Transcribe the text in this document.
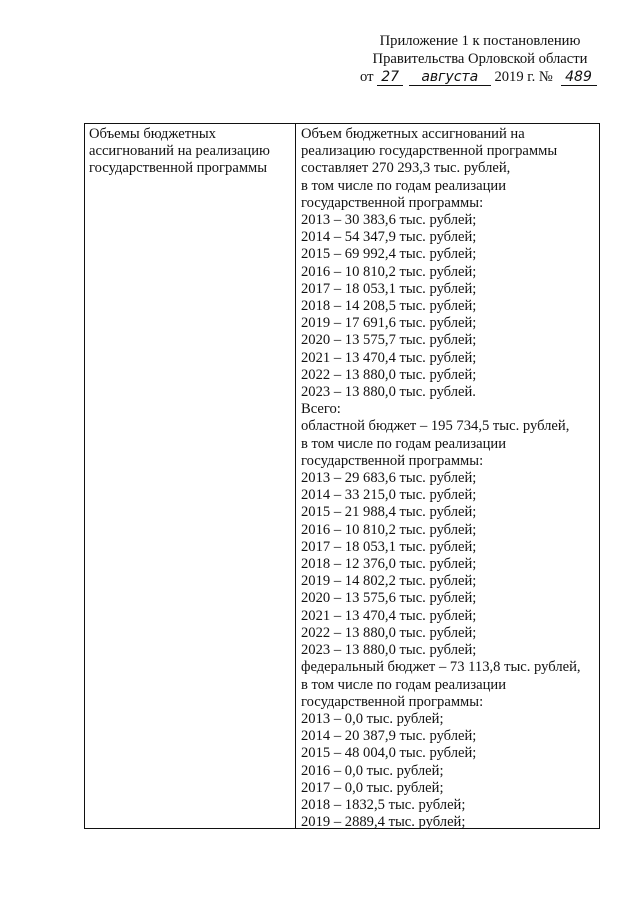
Приложение 1 к постановлению
Правительства Орловской области
от 27 августа 2019 г. № 489
Объемы бюджетных
ассигнований на реализацию
государственной программы
Объем бюджетных ассигнований на
реализацию государственной программы
составляет 270 293,3 тыс. рублей,
в том числе по годам реализации
государственной программы:
2013 – 30 383,6 тыс. рублей;
2014 – 54 347,9 тыс. рублей;
2015 – 69 992,4 тыс. рублей;
2016 – 10 810,2 тыс. рублей;
2017 – 18 053,1 тыс. рублей;
2018 – 14 208,5 тыс. рублей;
2019 – 17 691,6 тыс. рублей;
2020 – 13 575,7 тыс. рублей;
2021 – 13 470,4 тыс. рублей;
2022 – 13 880,0 тыс. рублей;
2023 – 13 880,0 тыс. рублей.
Всего:
областной бюджет – 195 734,5 тыс. рублей,
в том числе по годам реализации
государственной программы:
2013 – 29 683,6 тыс. рублей;
2014 – 33 215,0 тыс. рублей;
2015 – 21 988,4 тыс. рублей;
2016 – 10 810,2 тыс. рублей;
2017 – 18 053,1 тыс. рублей;
2018 – 12 376,0 тыс. рублей;
2019 – 14 802,2 тыс. рублей;
2020 – 13 575,6 тыс. рублей;
2021 – 13 470,4 тыс. рублей;
2022 – 13 880,0 тыс. рублей;
2023 – 13 880,0 тыс. рублей;
федеральный бюджет – 73 113,8 тыс. рублей,
в том числе по годам реализации
государственной программы:
2013 – 0,0 тыс. рублей;
2014 – 20 387,9 тыс. рублей;
2015 – 48 004,0 тыс. рублей;
2016 – 0,0 тыс. рублей;
2017 – 0,0 тыс. рублей;
2018 – 1832,5 тыс. рублей;
2019 – 2889,4 тыс. рублей;
